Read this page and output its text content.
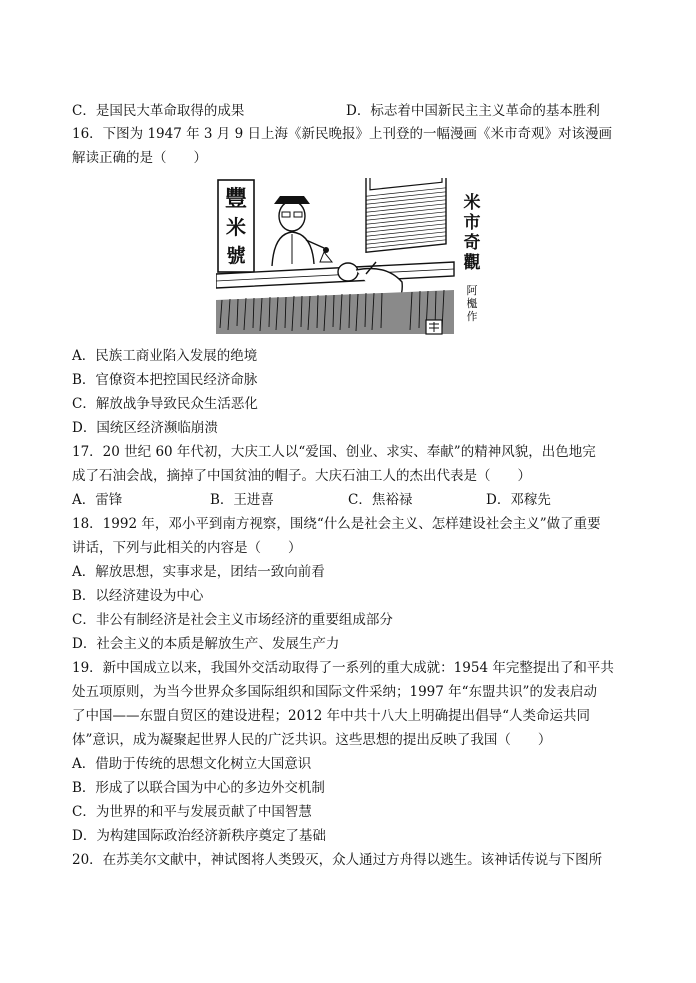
C．是国民大革命取得的成果	D．标志着中国新民主主义革命的基本胜利
16．下图为 1947 年 3 月 9 日上海《新民晚报》上刊登的一幅漫画《米市奇观》对该漫画
解读正确的是（　　）
豐
米
號
米
市
奇
觀
阿
櫆
作
A．民族工商业陷入发展的绝境
B．官僚资本把控国民经济命脉
C．解放战争导致民众生活恶化
D．国统区经济濒临崩溃
17．20 世纪 60 年代初，大庆工人以“爱国、创业、求实、奉献”的精神风貌，出色地完
成了石油会战，摘掉了中国贫油的帽子。大庆石油工人的杰出代表是（　　）
A．雷锋	B．王进喜	C．焦裕禄	D．邓稼先
18．1992 年，邓小平到南方视察，围绕“什么是社会主义、怎样建设社会主义”做了重要
讲话，下列与此相关的内容是（　　）
A．解放思想，实事求是，团结一致向前看
B．以经济建设为中心
C．非公有制经济是社会主义市场经济的重要组成部分
D．社会主义的本质是解放生产、发展生产力
19．新中国成立以来，我国外交活动取得了一系列的重大成就：1954 年完整提出了和平共
处五项原则，为当今世界众多国际组织和国际文件采纳；1997 年“东盟共识”的发表启动
了中国——东盟自贸区的建设进程；2012 年中共十八大上明确提出倡导“人类命运共同
体”意识，成为凝聚起世界人民的广泛共识。这些思想的提出反映了我国（　　）
A．借助于传统的思想文化树立大国意识
B．形成了以联合国为中心的多边外交机制
C．为世界的和平与发展贡献了中国智慧
D．为构建国际政治经济新秩序奠定了基础
20．在苏美尔文献中，神试图将人类毁灭，众人通过方舟得以逃生。该神话传说与下图所
